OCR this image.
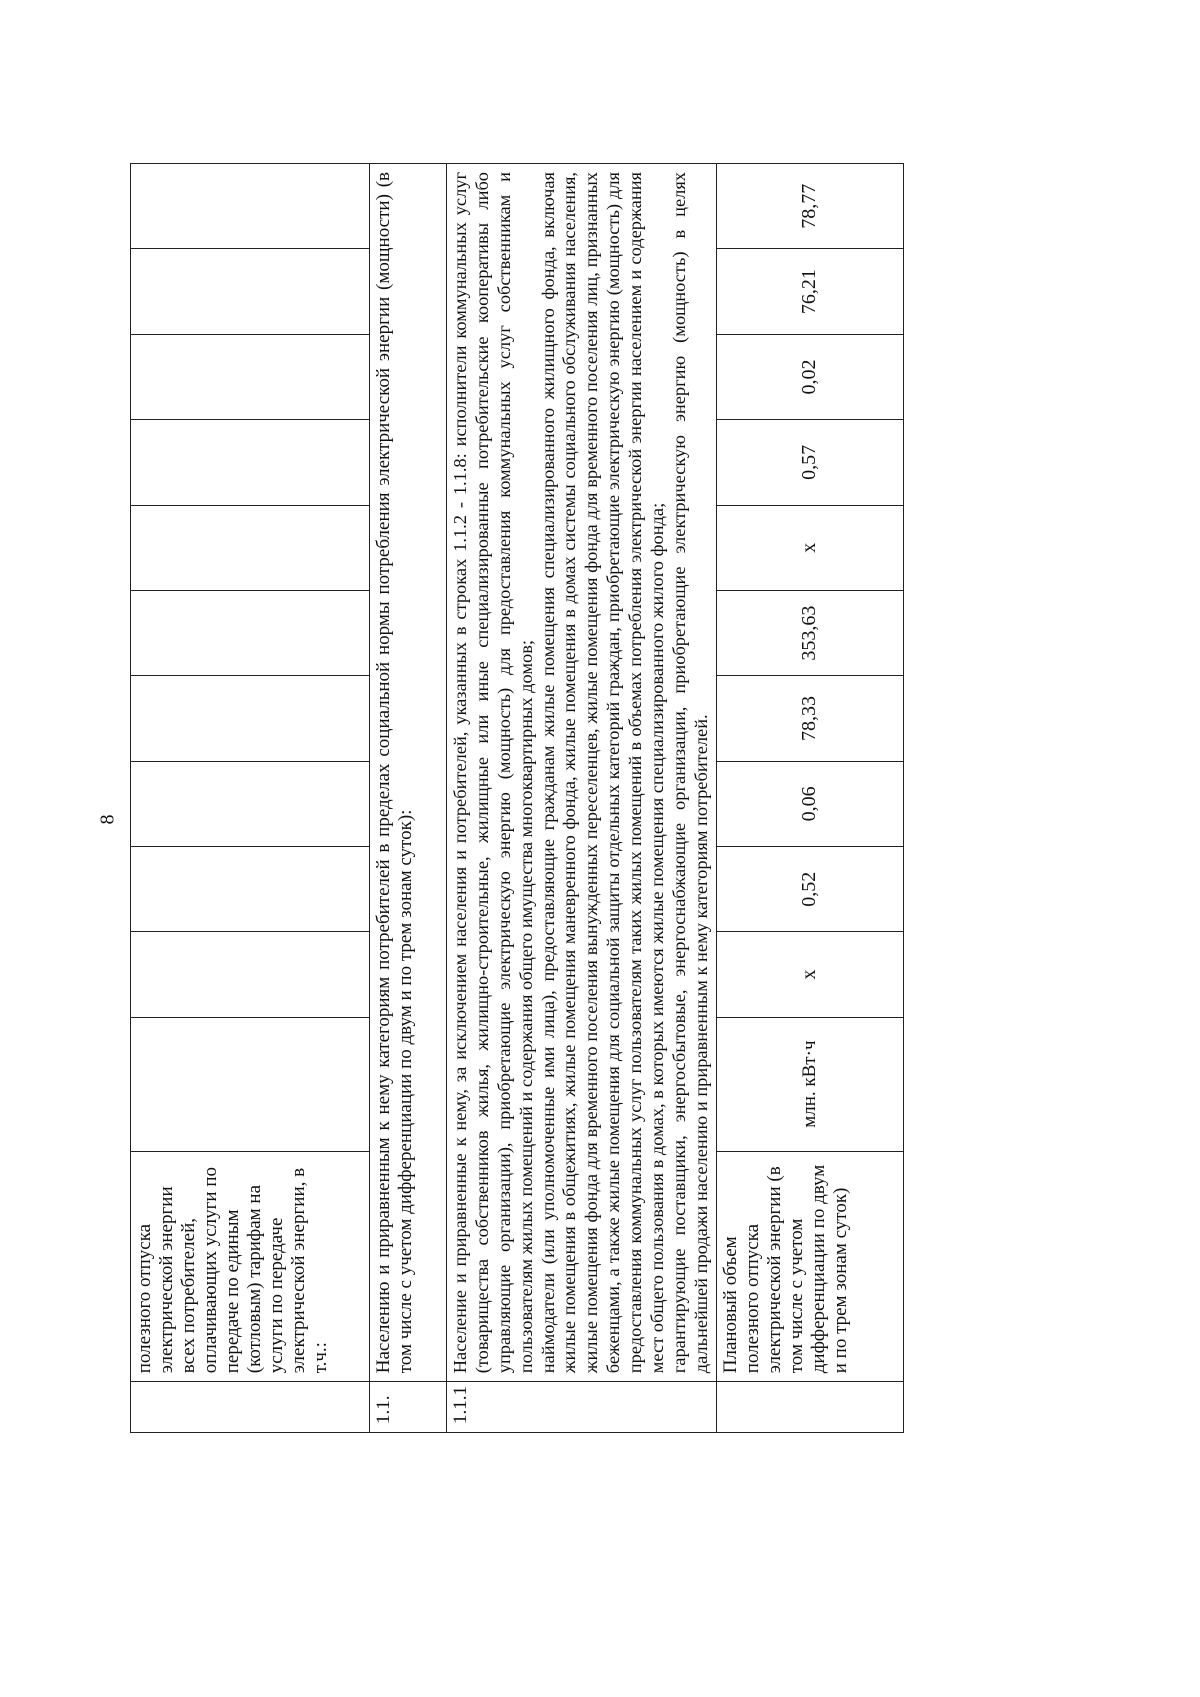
8
	полезного отпуска электрической энергии всех потребителей, оплачивающих услуги по передаче по единым (котловым) тарифам на услуги по передаче электрической энергии, в т.ч.:											
1.1.	Населению и приравненным к нему категориям потребителей в пределах социальной нормы потребления электрической энергии (мощности) (в том числе с учетом дифференциации по двум и по трем зонам суток):											
1.1.1	Население и приравненные к нему, за исключением населения и потребителей, указанных в строках 1.1.2 - 1.1.8: исполнители коммунальных услуг (товарищества собственников жилья, жилищно-строительные, жилищные или иные специализированные потребительские кооперативы либо управляющие организации), приобретающие электрическую энергию (мощность) для предоставления коммунальных услуг собственникам и пользователям жилых помещений и содержания общего имущества многоквартирных домов; наймодатели (или уполномоченные ими лица), предоставляющие гражданам жилые помещения специализированного жилищного фонда, включая жилые помещения в общежитиях, жилые помещения маневренного фонда, жилые помещения в домах системы социального обслуживания населения, жилые помещения фонда для временного поселения вынужденных переселенцев, жилые помещения фонда для временного поселения лиц, признанных беженцами, а также жилые помещения для социальной защиты отдельных категорий граждан, приобретающие электрическую энергию (мощность) для предоставления коммунальных услуг пользователям таких жилых помещений в объемах потребления электрической энергии населением и содержания мест общего пользования в домах, в которых имеются жилые помещения специализированного жилого фонда; гарантирующие поставщики, энергосбытовые, энергоснабжающие организации, приобретающие электрическую энергию (мощность) в целях дальнейшей продажи населению и приравненным к нему категориям потребителей.											

	Плановый объем полезного отпуска электрической энергии (в том числе с учетом дифференциации по двум и по трем зонам суток)	млн. кВт·ч	x	0,52	0,06	78,33	353,63	x	0,57	0,02	76,21	78,77
